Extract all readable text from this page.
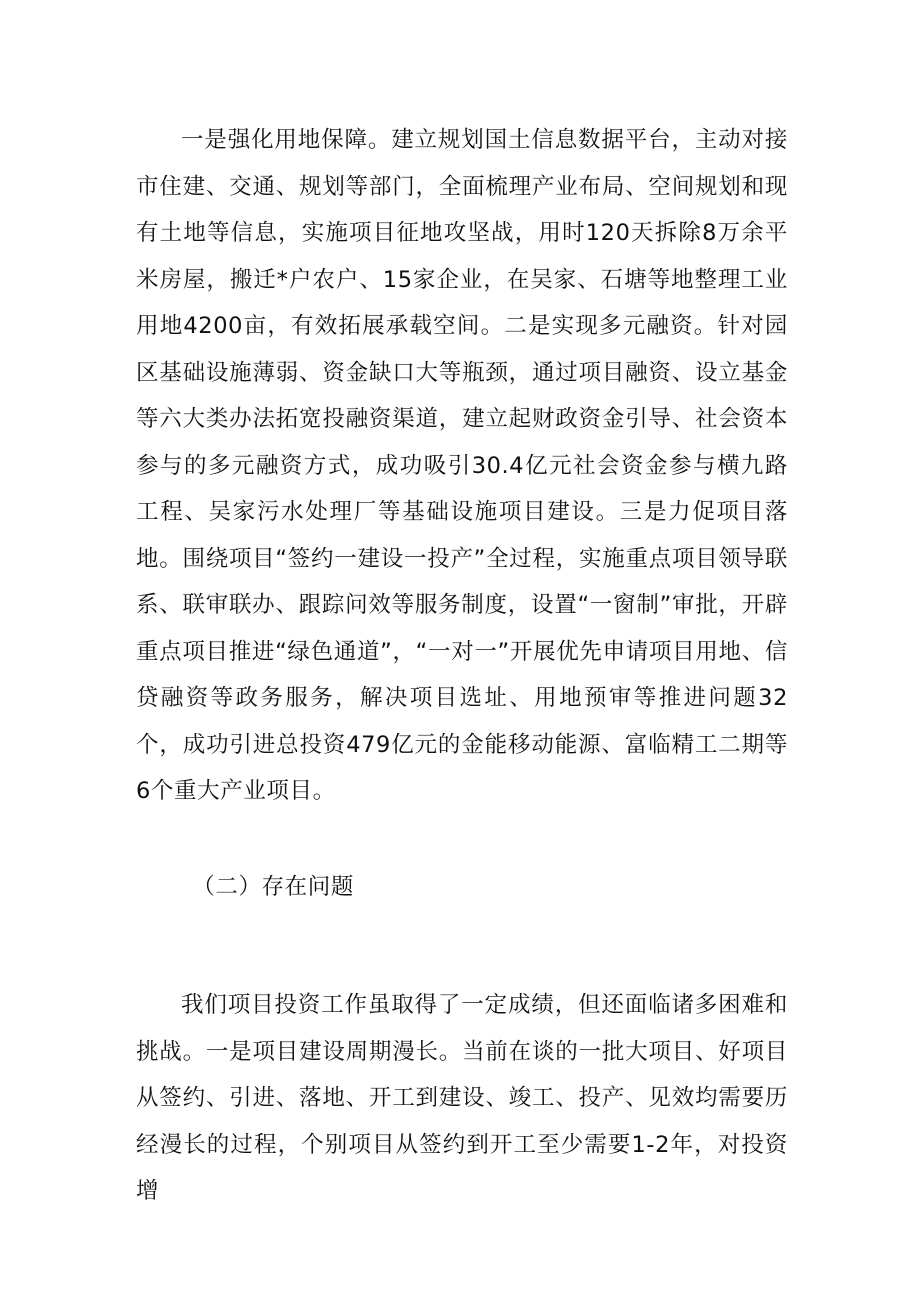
一是强化用地保障。建立规划国土信息数据平台，主动对接市住建、交通、规划等部门，全面梳理产业布局、空间规划和现有土地等信息，实施项目征地攻坚战，用时120天拆除8万余平米房屋，搬迁*户农户、15家企业，在吴家、石塘等地整理工业用地4200亩，有效拓展承载空间。二是实现多元融资。针对园区基础设施薄弱、资金缺口大等瓶颈，通过项目融资、设立基金等六大类办法拓宽投融资渠道，建立起财政资金引导、社会资本参与的多元融资方式，成功吸引30.4亿元社会资金参与横九路工程、吴家污水处理厂等基础设施项目建设。三是力促项目落地。围绕项目“签约一建设一投产”全过程，实施重点项目领导联系、联审联办、跟踪问效等服务制度，设置“一窗制”审批，开辟重点项目推进“绿色通道”，“一对一”开展优先申请项目用地、信贷融资等政务服务，解决项目选址、用地预审等推进问题32个，成功引进总投资479亿元的金能移动能源、富临精工二期等6个重大产业项目。

（二）存在问题

我们项目投资工作虽取得了一定成绩，但还面临诸多困难和挑战。一是项目建设周期漫长。当前在谈的一批大项目、好项目从签约、引进、落地、开工到建设、竣工、投产、见效均需要历经漫长的过程，个别项目从签约到开工至少需要1-2年，对投资增
